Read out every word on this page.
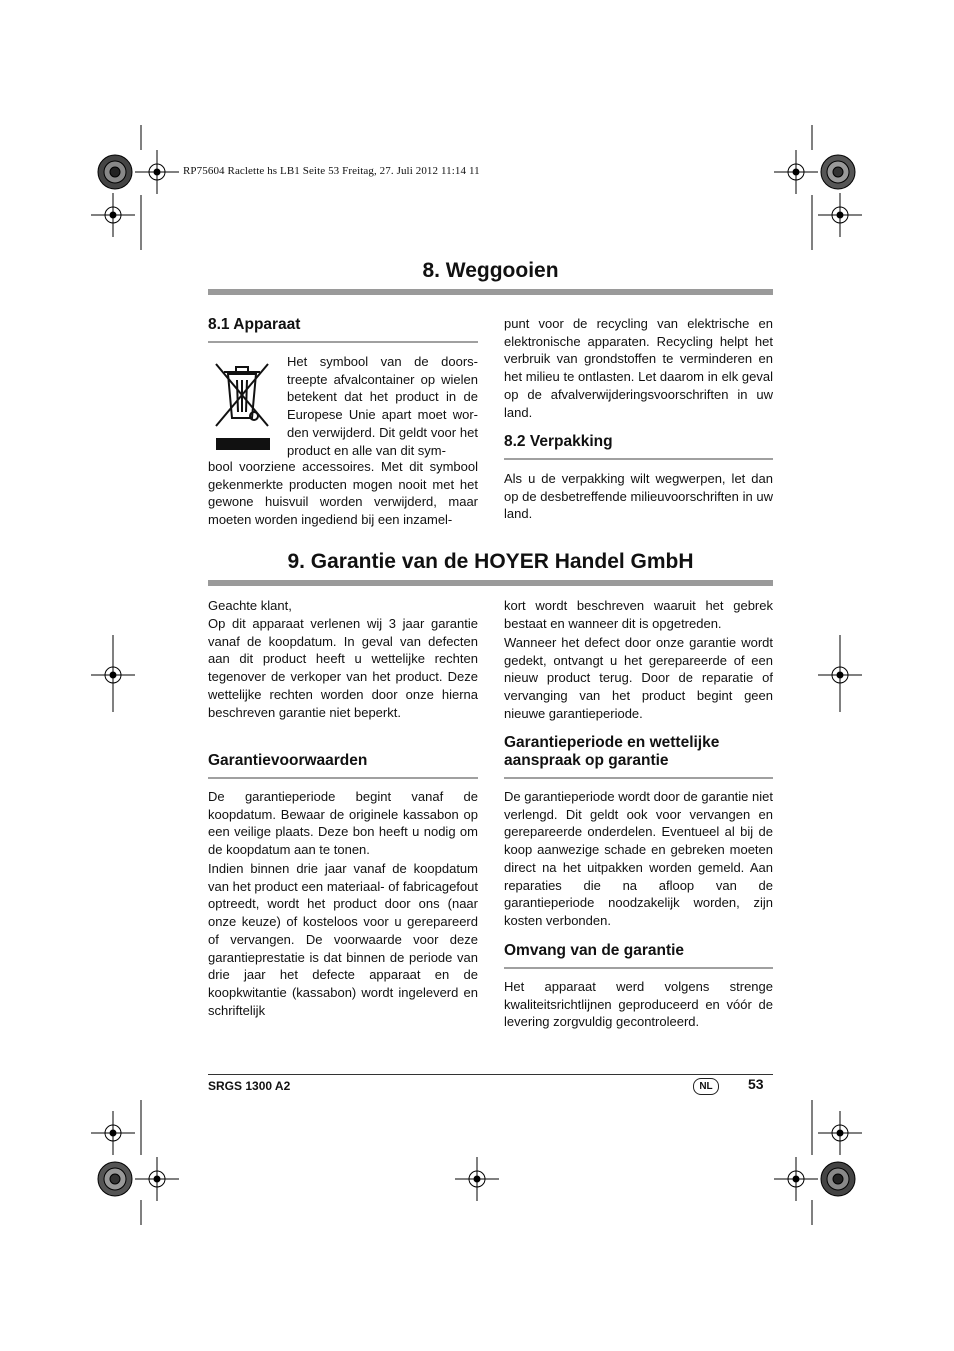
RP75604 Raclette hs LB1 Seite 53 Freitag, 27. Juli 2012 11:14 11
8. Weggooien
8.1 Apparaat

Het symbool van de doors-treepte afvalcontainer op wielen betekent dat het product in de Europese Unie apart moet wor-den verwijderd. Dit geldt voor het product en alle van dit sym-

bool voorziene accessoires. Met dit symbool gekenmerkte producten mogen nooit met het gewone huisvuil worden verwijderd, maar moeten worden ingediend bij een inzamel-

punt voor de recycling van elektrische en elektronische apparaten. Recycling helpt het verbruik van grondstoffen te verminderen en het milieu te ontlasten. Let daarom in elk geval op de afvalverwijderingsvoorschriften in uw land.

8.2 Verpakking

Als u de verpakking wilt wegwerpen, let dan op de desbetreffende milieuvoorschriften in uw land.

9. Garantie van de HOYER Handel GmbH

Geachte klant,

Op dit apparaat verlenen wij 3 jaar garantie vanaf de koopdatum. In geval van defecten aan dit product heeft u wettelijke rechten tegenover de verkoper van het product. Deze wettelijke rechten worden door onze hierna beschreven garantie niet beperkt.

Garantievoorwaarden

De garantieperiode begint vanaf de koopdatum. Bewaar de originele kassabon op een veilige plaats. Deze bon heeft u nodig om de koopdatum aan te tonen.

Indien binnen drie jaar vanaf de koopdatum van het product een materiaal- of fabricagefout optreedt, wordt het product door ons (naar onze keuze) of kosteloos voor u gerepareerd of vervangen. De voorwaarde voor deze garantieprestatie is dat binnen de periode van drie jaar het defecte apparaat en de koopkwitantie (kassabon) wordt ingeleverd en schriftelijk

kort wordt beschreven waaruit het gebrek bestaat en wanneer dit is opgetreden.

Wanneer het defect door onze garantie wordt gedekt, ontvangt u het gerepareerde of een nieuw product terug. Door de reparatie of vervanging van het product begint geen nieuwe garantieperiode.

Garantieperiode en wettelijke aanspraak op garantie

De garantieperiode wordt door de garantie niet verlengd. Dit geldt ook voor vervangen en gerepareerde onderdelen. Eventueel al bij de koop aanwezige schade en gebreken moeten direct na het uitpakken worden gemeld. Aan reparaties die na afloop van de garantieperiode noodzakelijk worden, zijn kosten verbonden.

Omvang van de garantie

Het apparaat werd volgens strenge kwaliteitsrichtlijnen geproduceerd en vóór de levering zorgvuldig gecontroleerd.

SRGS 1300 A2	NL	53
